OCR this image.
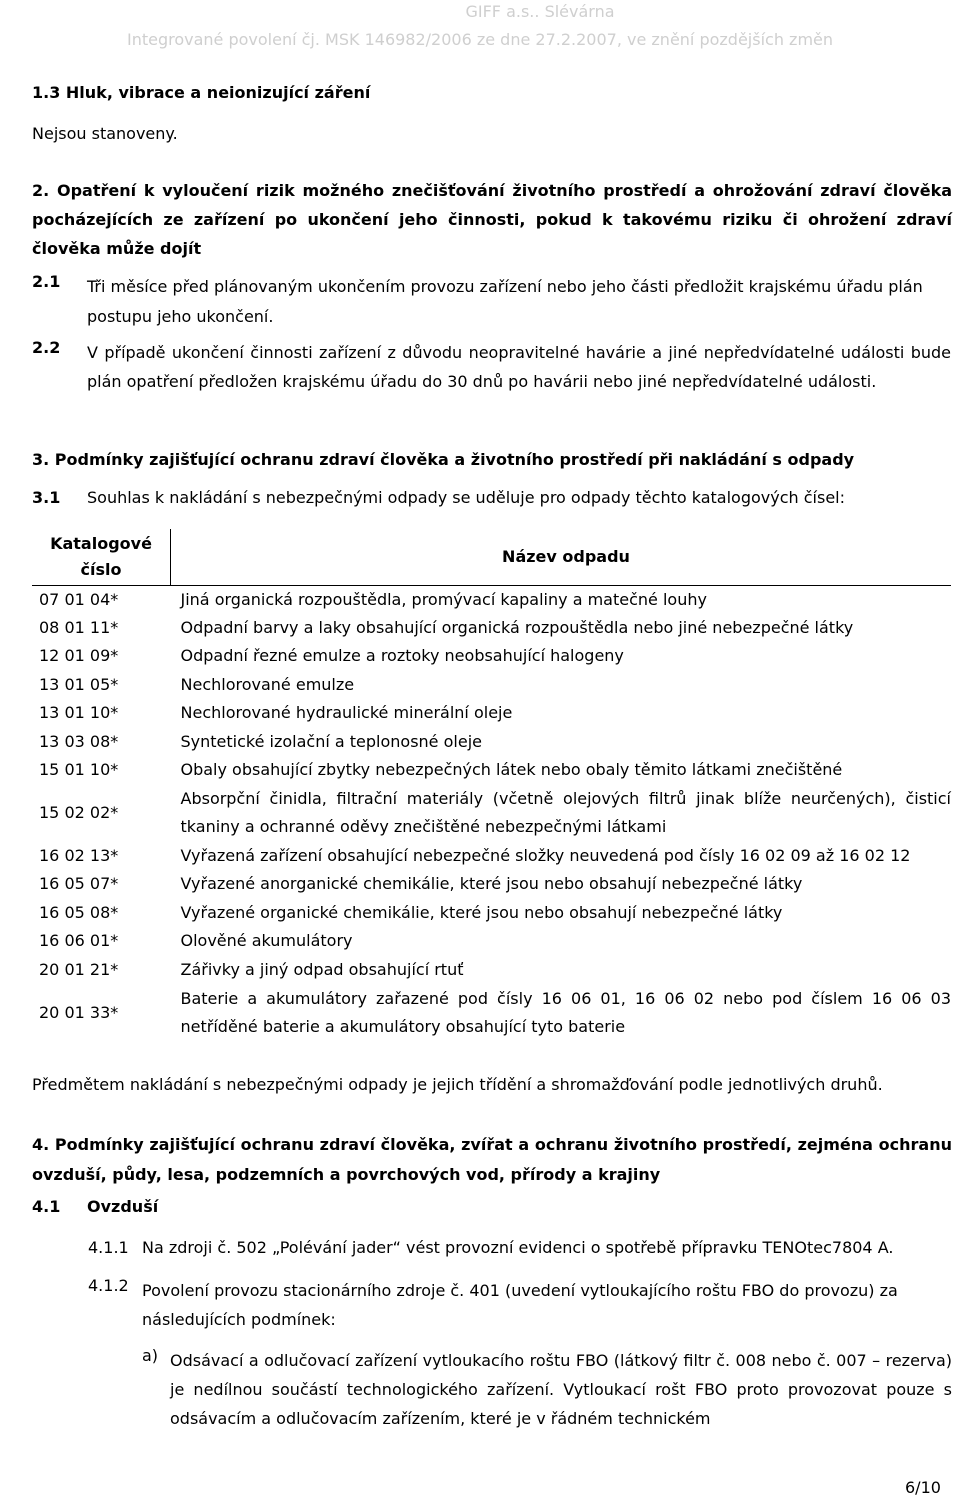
GIFF a.s.. Slévárna
Integrované povolení čj. MSK 146982/2006 ze dne 27.2.2007, ve znění pozdějších změn
1.3 Hluk, vibrace a neionizující záření
Nejsou stanoveny.
2. Opatření k vyloučení rizik možného znečišťování životního prostředí a ohrožování zdraví člověka pocházejících ze zařízení po ukončení jeho činnosti, pokud k takovému riziku či ohrožení zdraví člověka může dojít
2.1 Tři měsíce před plánovaným ukončením provozu zařízení nebo jeho části předložit krajskému úřadu plán postupu jeho ukončení.
2.2 V případě ukončení činnosti zařízení z důvodu neopravitelné havárie a jiné nepředvídatelné události bude plán opatření předložen krajskému úřadu do 30 dnů po havárii nebo jiné nepředvídatelné události.
3. Podmínky zajišťující ochranu zdraví člověka a životního prostředí při nakládání s odpady
3.1 Souhlas k nakládání s nebezpečnými odpady se uděluje pro odpady těchto katalogových čísel:
Katalogové číslo	Název odpadu
07 01 04*	Jiná organická rozpouštědla, promývací kapaliny a matečné louhy
08 01 11*	Odpadní barvy a laky obsahující organická rozpouštědla nebo jiné nebezpečné látky
12 01 09*	Odpadní řezné emulze a roztoky neobsahující halogeny
13 01 05*	Nechlorované emulze
13 01 10*	Nechlorované hydraulické minerální oleje
13 03 08*	Syntetické izolační a teplonosné oleje
15 01 10*	Obaly obsahující zbytky nebezpečných látek nebo obaly těmito látkami znečištěné
15 02 02*	Absorpční činidla, filtrační materiály (včetně olejových filtrů jinak blíže neurčených), čisticí tkaniny a ochranné oděvy znečištěné nebezpečnými látkami
16 02 13*	Vyřazená zařízení obsahující nebezpečné složky neuvedená pod čísly 16 02 09 až 16 02 12
16 05 07*	Vyřazené anorganické chemikálie, které jsou nebo obsahují nebezpečné látky
16 05 08*	Vyřazené organické chemikálie, které jsou nebo obsahují nebezpečné látky
16 06 01*	Olověné akumulátory
20 01 21*	Zářivky a jiný odpad obsahující rtuť
20 01 33*	Baterie a akumulátory zařazené pod čísly 16 06 01, 16 06 02 nebo pod číslem 16 06 03 netříděné baterie a akumulátory obsahující tyto baterie
Předmětem nakládání s nebezpečnými odpady je jejich třídění a shromažďování podle jednotlivých druhů.
4. Podmínky zajišťující ochranu zdraví člověka, zvířat a ochranu životního prostředí, zejména ochranu ovzduší, půdy, lesa, podzemních a povrchových vod, přírody a krajiny
4.1 Ovzduší
4.1.1 Na zdroji č. 502 „Polévání jader“ vést provozní evidenci o spotřebě přípravku TENOtec7804 A.
4.1.2 Povolení provozu stacionárního zdroje č. 401 (uvedení vytloukajícího roštu FBO do provozu) za následujících podmínek:
a) Odsávací a odlučovací zařízení vytloukacího roštu FBO (látkový filtr č. 008 nebo č. 007 – rezerva) je nedílnou součástí technologického zařízení. Vytloukací rošt FBO proto provozovat pouze s odsávacím a odlučovacím zařízením, které je v řádném technickém
6/10
